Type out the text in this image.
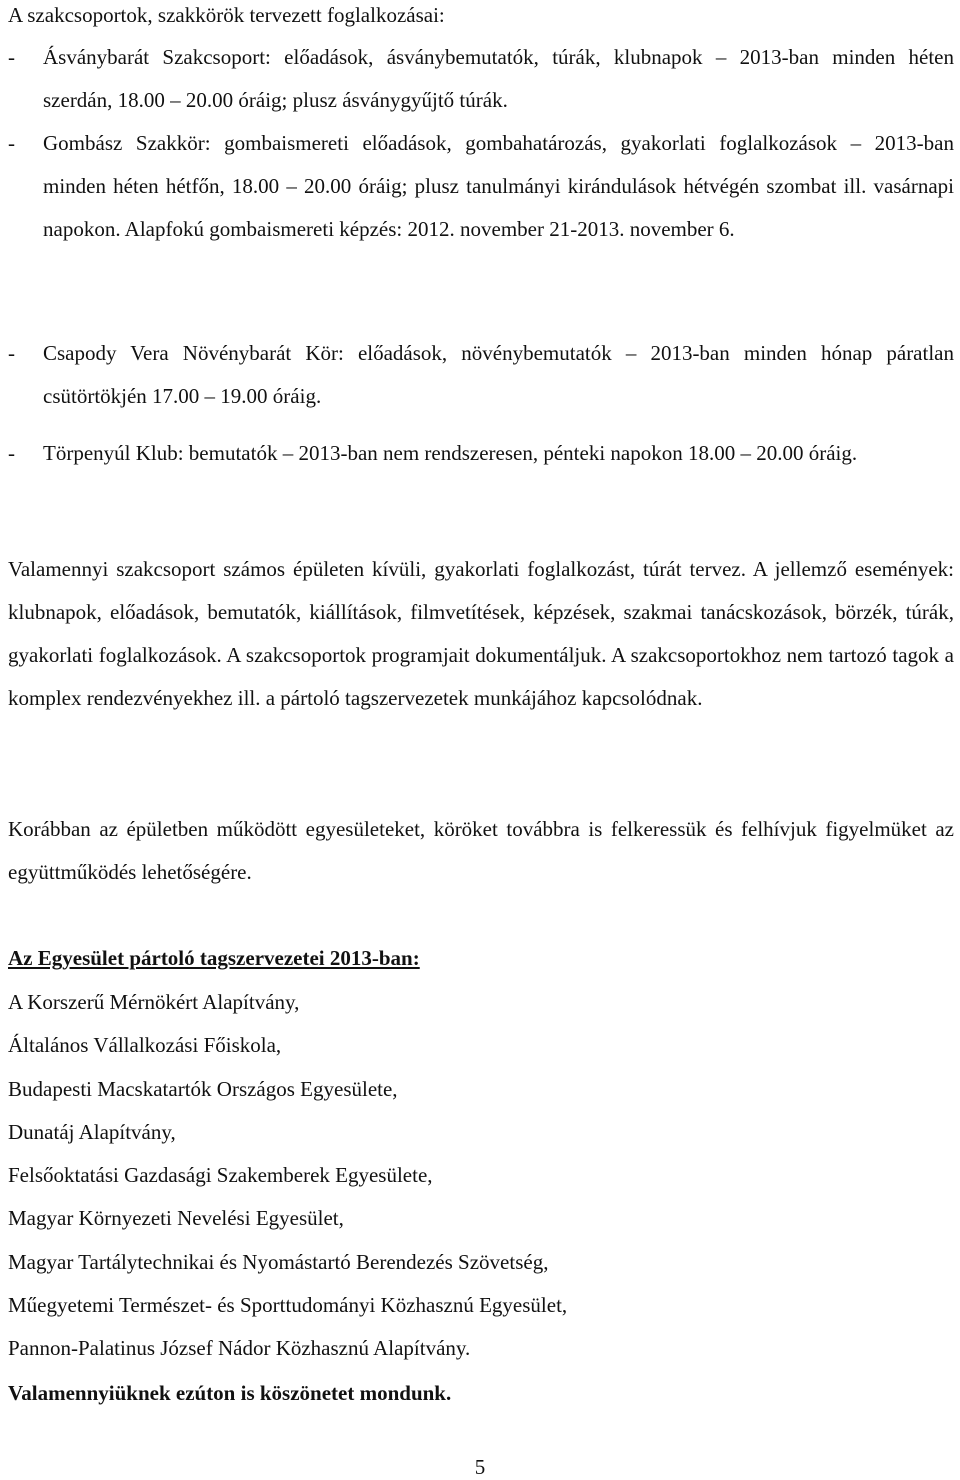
A szakcsoportok, szakkörök tervezett foglalkozásai:
- Ásványbarát Szakcsoport: előadások, ásványbemutatók, túrák, klubnapok – 2013-ban minden héten szerdán, 18.00 – 20.00 óráig; plusz ásványgyűjtő túrák.
- Gombász Szakkör: gombaismereti előadások, gombahatározás, gyakorlati foglalkozások – 2013-ban minden héten hétfőn, 18.00 – 20.00 óráig; plusz tanulmányi kirándulások hétvégén szombat ill. vasárnapi napokon. Alapfokú gombaismereti képzés: 2012. november 21-2013. november 6.
- Csapody Vera Növénybarát Kör: előadások, növénybemutatók – 2013-ban minden hónap páratlan csütörtökjén 17.00 – 19.00 óráig.
- Törpenyúl Klub: bemutatók – 2013-ban nem rendszeresen, pénteki napokon 18.00 – 20.00 óráig.
Valamennyi szakcsoport számos épületen kívüli, gyakorlati foglalkozást, túrát tervez. A jellemző események: klubnapok, előadások, bemutatók, kiállítások, filmvetítések, képzések, szakmai tanácskozások, börzék, túrák, gyakorlati foglalkozások. A szakcsoportok programjait dokumentáljuk. A szakcsoportokhoz nem tartozó tagok a komplex rendezvényekhez ill. a pártoló tagszervezetek munkájához kapcsolódnak.
Korábban az épületben működött egyesületeket, köröket továbbra is felkeressük és felhívjuk figyelmüket az együttműködés lehetőségére.
Az Egyesület pártoló tagszervezetei 2013-ban:
A Korszerű Mérnökért Alapítvány,
Általános Vállalkozási Főiskola,
Budapesti Macskatartók Országos Egyesülete,
Dunatáj Alapítvány,
Felsőoktatási Gazdasági Szakemberek Egyesülete,
Magyar Környezeti Nevelési Egyesület,
Magyar Tartálytechnikai és Nyomástartó Berendezés Szövetség,
Műegyetemi Természet- és Sporttudományi Közhasznú Egyesület,
Pannon-Palatinus József Nádor Közhasznú Alapítvány.
Valamennyiüknek ezúton is köszönetet mondunk.
5
